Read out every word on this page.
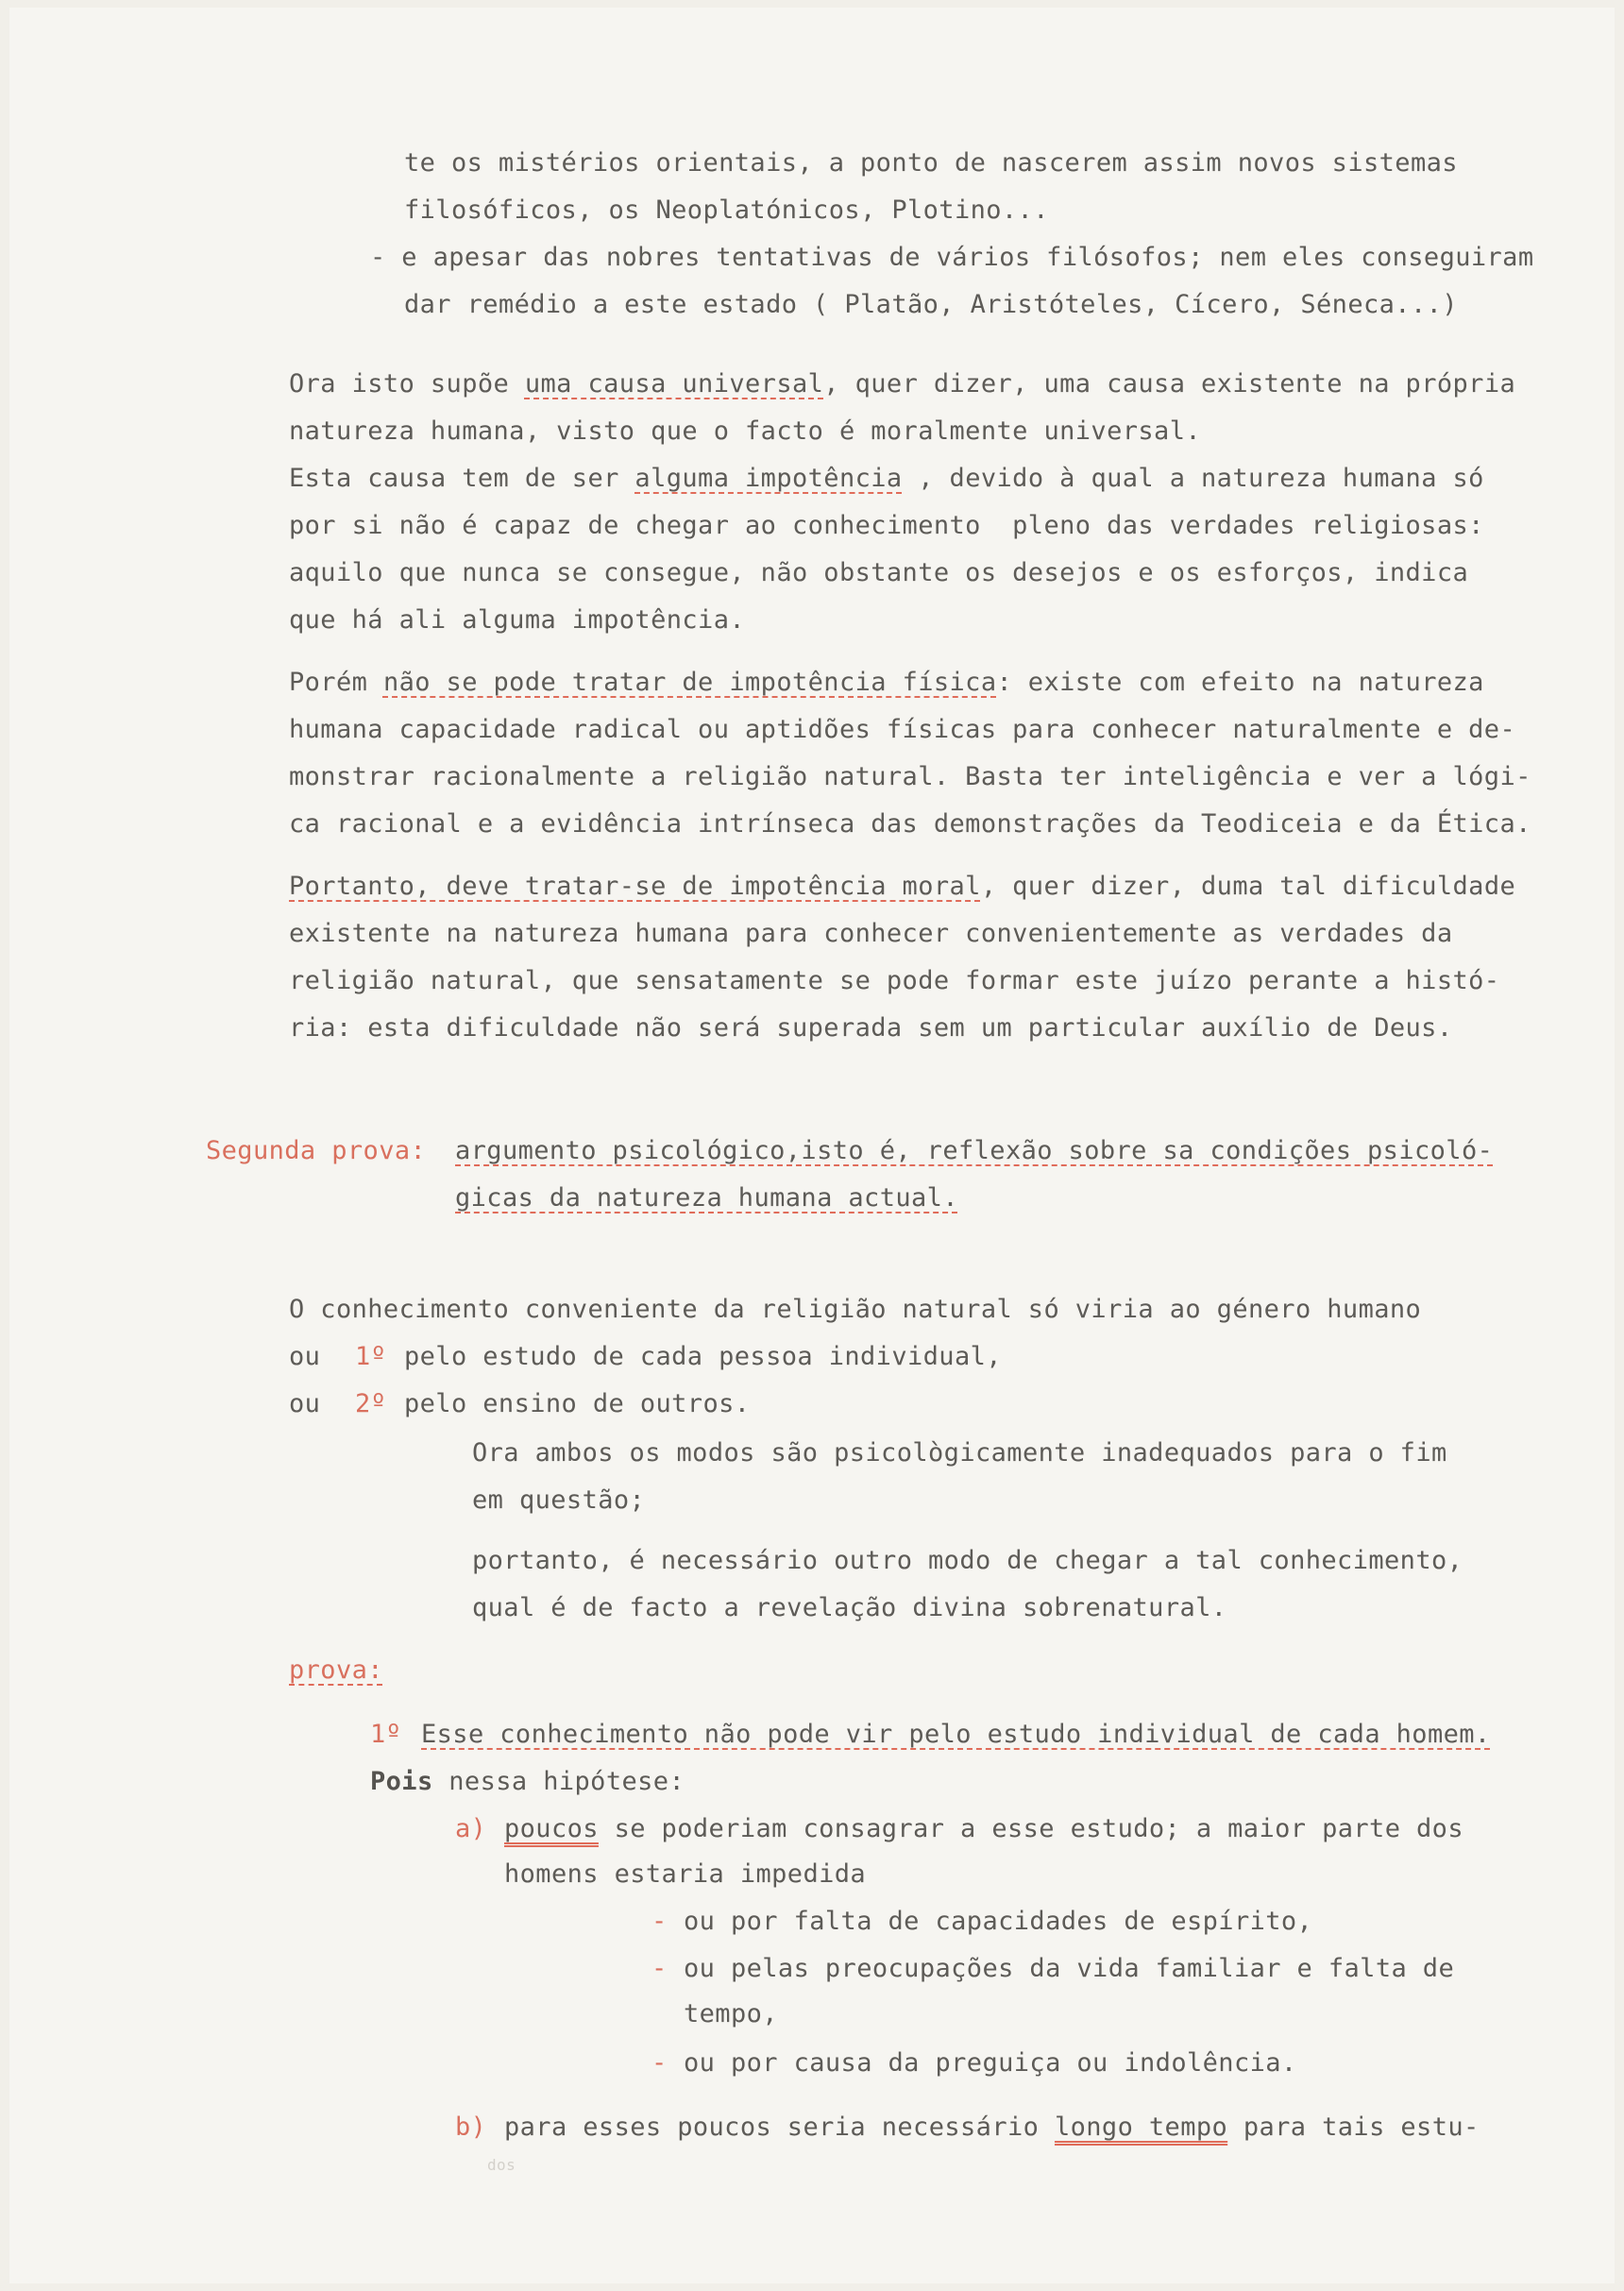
te os mistérios orientais, a ponto de nascerem assim novos sistemas
filosóficos, os Neoplatónicos, Plotino...
- e apesar das nobres tentativas de vários filósofos; nem eles conseguiram
dar remédio a este estado ( Platão, Aristóteles, Cícero, Séneca...)
Ora isto supõe uma causa universal, quer dizer, uma causa existente na própria
natureza humana, visto que o facto é moralmente universal.
Esta causa tem de ser alguma impotência , devido à qual a natureza humana só
por si não é capaz de chegar ao conhecimento  pleno das verdades religiosas:
aquilo que nunca se consegue, não obstante os desejos e os esforços, indica
que há ali alguma impotência.
Porém não se pode tratar de impotência física: existe com efeito na natureza
humana capacidade radical ou aptidões físicas para conhecer naturalmente e de-
monstrar racionalmente a religião natural. Basta ter inteligência e ver a lógi-
ca racional e a evidência intrínseca das demonstrações da Teodiceia e da Ética.
Portanto, deve tratar-se de impotência moral, quer dizer, duma tal dificuldade
existente na natureza humana para conhecer convenientemente as verdades da
religião natural, que sensatamente se pode formar este juízo perante a histó-
ria: esta dificuldade não será superada sem um particular auxílio de Deus.
Segunda prova: argumento psicológico,isto é, reflexão sobre sa condições psicoló-
gicas da natureza humana actual.
O conhecimento conveniente da religião natural só viria ao género humano
ou 1º pelo estudo de cada pessoa individual,
ou 2º pelo ensino de outros.
Ora ambos os modos são psicològicamente inadequados para o fim
em questão;
portanto, é necessário outro modo de chegar a tal conhecimento,
qual é de facto a revelação divina sobrenatural.
prova:
1º Esse conhecimento não pode vir pelo estudo individual de cada homem.
Pois nessa hipótese:
a) poucos se poderiam consagrar a esse estudo; a maior parte dos
homens estaria impedida
- ou por falta de capacidades de espírito,
- ou pelas preocupações da vida familiar e falta de
tempo,
- ou por causa da preguiça ou indolência.
b) para esses poucos seria necessário longo tempo para tais estu-
dos
